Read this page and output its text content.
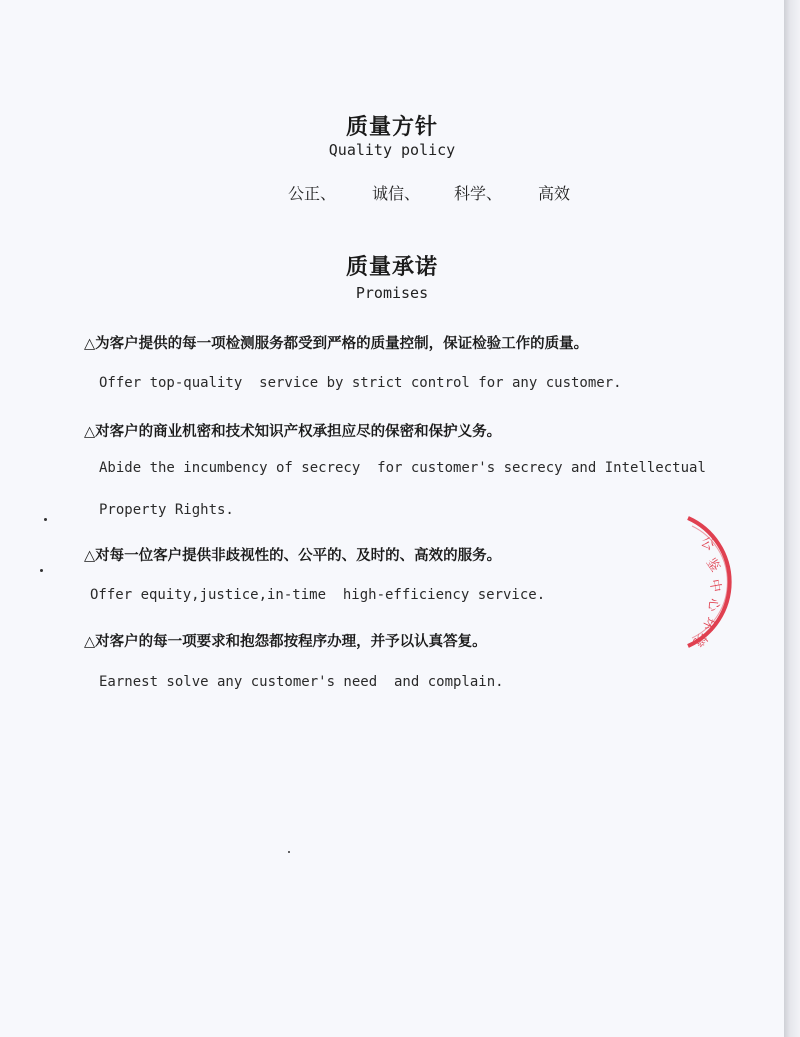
质量方针
Quality policy
公正、 诚信、 科学、 高效
质量承诺
Promises
△为客户提供的每一项检测服务都受到严格的质量控制，保证检验工作的质量。
Offer top-quality  service by strict control for any customer.
△对客户的商业机密和技术知识产权承担应尽的保密和保护义务。
Abide the incumbency of secrecy  for customer's secrecy and Intellectual
Property Rights.
△对每一位客户提供非歧视性的、公平的、及时的、高效的服务。
Offer equity,justice,in-time  high-efficiency service.
△对客户的每一项要求和抱怨都按程序办理，并予以认真答复。
Earnest solve any customer's need  and complain.
公
鉴
中
心
环
境
